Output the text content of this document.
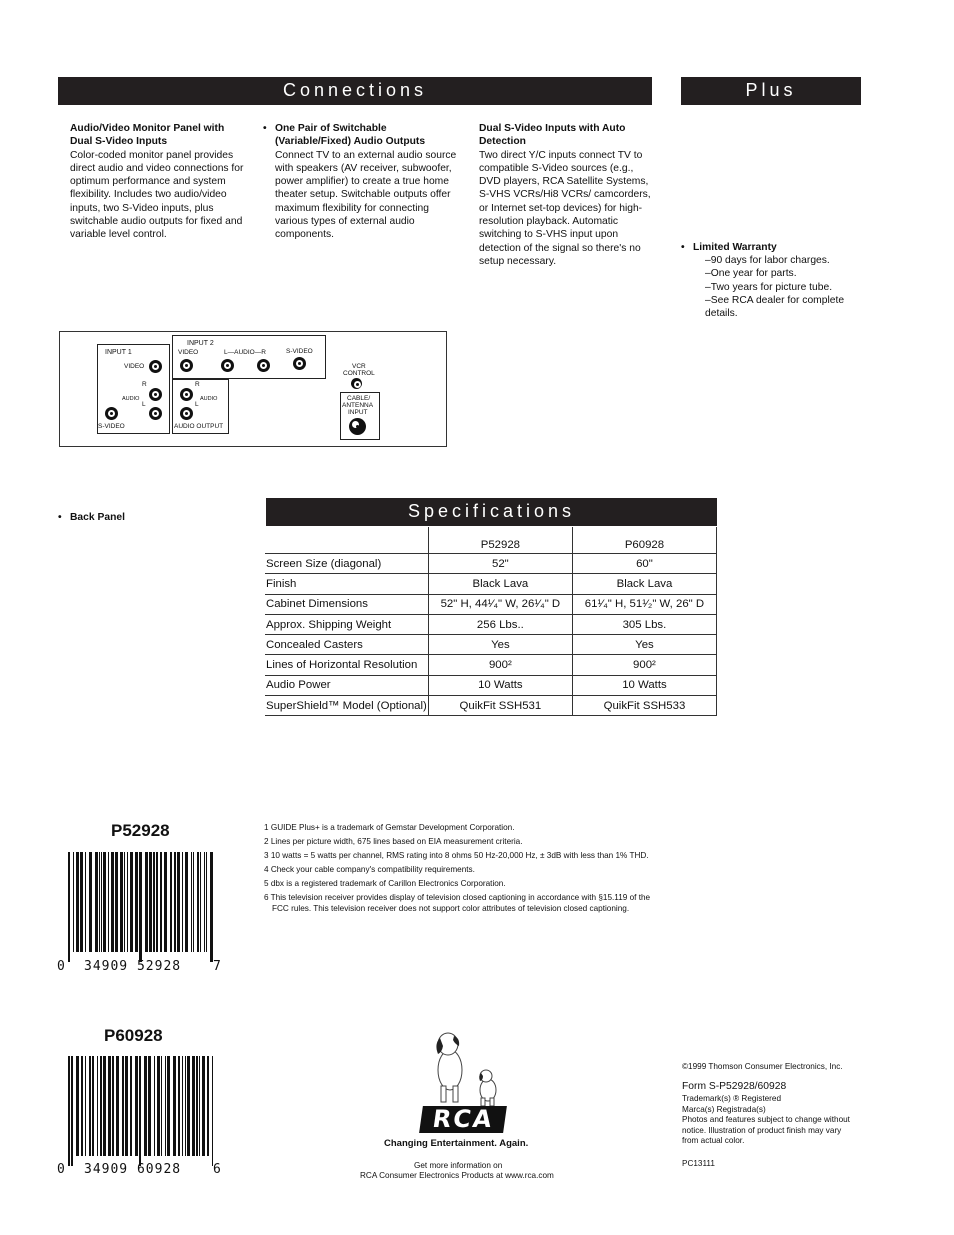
Connections	Plus
Audio/Video Monitor Panel with Dual S-Video Inputs
Color-coded monitor panel provides direct audio and video connections for optimum performance and system flexibility. Includes two audio/video inputs, two S-Video inputs, plus switchable audio outputs for fixed and variable level control.
• One Pair of Switchable (Variable/Fixed) Audio Outputs
Connect TV to an external audio source with speakers (AV receiver, subwoofer, power amplifier) to create a true home theater setup. Switchable outputs offer maximum flexibility for connecting various types of external audio components.
Dual S-Video Inputs with Auto Detection
Two direct Y/C inputs connect TV to compatible S-Video sources (e.g., DVD players, RCA Satellite Systems, S-VHS VCRs/Hi8 VCRs/ camcorders, or Internet set-top devices) for high-resolution playback. Automatic switching to S-VHS input upon detection of the signal so there's no setup necessary.
• Limited Warranty
–90 days for labor charges.
–One year for parts.
–Two years for picture tube.
–See RCA dealer for complete details.
• Back Panel
INPUT 1
VIDEO
R
AUDIO
L
S-VIDEO
INPUT 2
VIDEO	L—AUDIO—R	S-VIDEO
R
AUDIO
L
AUDIO OUTPUT
VCR
CONTROL
CABLE/
ANTENNA
INPUT
Specifications
	P52928	P60928
Screen Size (diagonal)	52"	60"
Finish	Black Lava	Black Lava
Cabinet Dimensions	52" H, 44¹⁄₄" W, 26¹⁄₄" D	61¹⁄₄" H, 51¹⁄₂" W, 26" D
Approx. Shipping Weight	256 Lbs..	305 Lbs.
Concealed Casters	Yes	Yes
Lines of Horizontal Resolution	900²	900²
Audio Power	10 Watts	10 Watts
SuperShield™ Model (Optional)	QuikFit SSH531	QuikFit SSH533
P52928
0 34909 52928 7
P60928
0 34909 60928 6
1 GUIDE Plus+ is a trademark of Gemstar Development Corporation.
2 Lines per picture width, 675 lines based on EIA measurement criteria.
3 10 watts = 5 watts per channel, RMS rating into 8 ohms 50 Hz-20,000 Hz, ± 3dB with less than 1% THD.
4 Check your cable company's compatibility requirements.
5 dbx is a registered trademark of Carillon Electronics Corporation.
6 This television receiver provides display of television closed captioning in accordance with §15.119 of the FCC rules. This television receiver does not support color attributes of television closed captioning.
RCA
Changing Entertainment. Again.
Get more information on
RCA Consumer Electronics Products at www.rca.com
©1999 Thomson Consumer Electronics, Inc.
Form S-P52928/60928
Trademark(s) ® Registered
Marca(s) Registrada(s)
Photos and features subject to change without notice. Illustration of product finish may vary from actual color.
PC13111
